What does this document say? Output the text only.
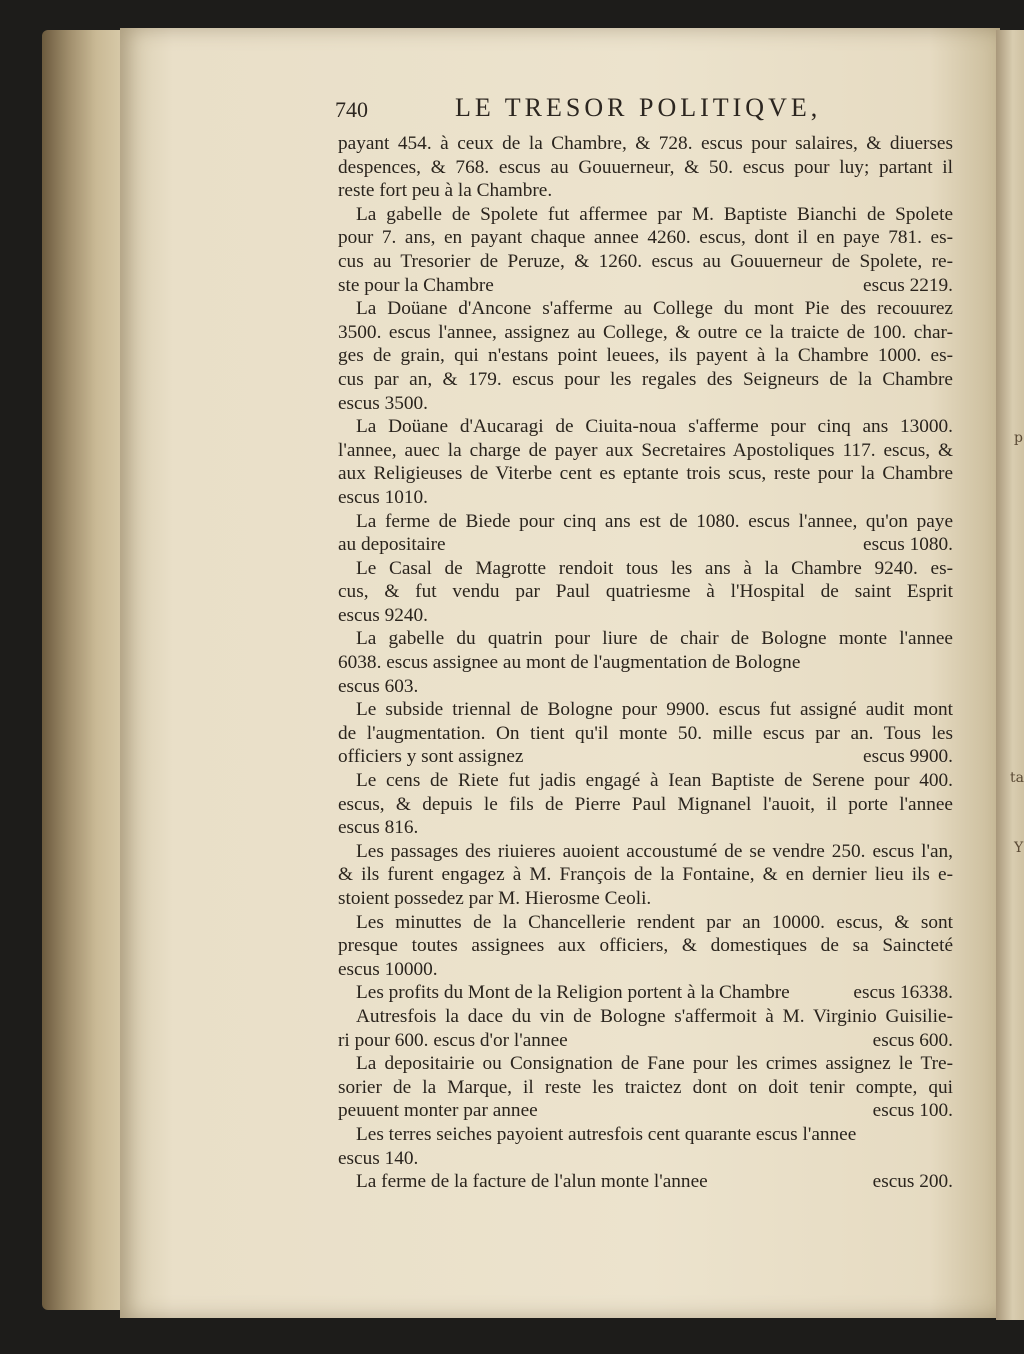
p
ta
Y
740	LE TRESOR POLITIQVE,
payant 454. à ceux de la Chambre, & 728. escus pour salaires, & diuerses
despences, & 768. escus au Gouuerneur, & 50. escus pour luy; partant il
reste fort peu à la Chambre.
La gabelle de Spolete fut affermee par M. Baptiste Bianchi de Spolete
pour 7. ans, en payant chaque annee 4260. escus, dont il en paye 781. es-
cus au Tresorier de Peruze, & 1260. escus au Gouuerneur de Spolete, re-
ste pour la Chambre	escus 2219.
La Doüane d'Ancone s'afferme au College du mont Pie des recouurez
3500. escus l'annee, assignez au College, & outre ce la traicte de 100. char-
ges de grain, qui n'estans point leuees, ils payent à la Chambre 1000. es-
cus par an, & 179. escus pour les regales des Seigneurs de la Chambre
escus 3500.
La Doüane d'Aucaragi de Ciuita-noua s'afferme pour cinq ans 13000.
l'annee, auec la charge de payer aux Secretaires Apostoliques 117. escus, &
aux Religieuses de Viterbe cent es eptante trois scus, reste pour la Chambre
escus 1010.
La ferme de Biede pour cinq ans est de 1080. escus l'annee, qu'on paye
au depositaire	escus 1080.
Le Casal de Magrotte rendoit tous les ans à la Chambre 9240. es-
cus, & fut vendu par Paul quatriesme à l'Hospital de saint Esprit
escus 9240.
La gabelle du quatrin pour liure de chair de Bologne monte l'annee
6038. escus assignee au mont de l'augmentation de Bologne
escus 603.
Le subside triennal de Bologne pour 9900. escus fut assigné audit mont
de l'augmentation. On tient qu'il monte 50. mille escus par an. Tous les
officiers y sont assignez	escus 9900.
Le cens de Riete fut jadis engagé à Iean Baptiste de Serene pour 400.
escus, & depuis le fils de Pierre Paul Mignanel l'auoit, il porte l'annee
escus 816.
Les passages des riuieres auoient accoustumé de se vendre 250. escus l'an,
& ils furent engagez à M. François de la Fontaine, & en dernier lieu ils e-
stoient possedez par M. Hierosme Ceoli.
Les minuttes de la Chancellerie rendent par an 10000. escus, & sont
presque toutes assignees aux officiers, & domestiques de sa Saincteté
escus 10000.
Les profits du Mont de la Religion portent à la Chambre	escus 16338.
Autresfois la dace du vin de Bologne s'affermoit à M. Virginio Guisilie-
ri pour 600. escus d'or l'annee	escus 600.
La depositairie ou Consignation de Fane pour les crimes assignez le Tre-
sorier de la Marque, il reste les traictez dont on doit tenir compte, qui
peuuent monter par annee	escus 100.
Les terres seiches payoient autresfois cent quarante escus l'annee
escus 140.
La ferme de la facture de l'alun monte l'annee	escus 200.
